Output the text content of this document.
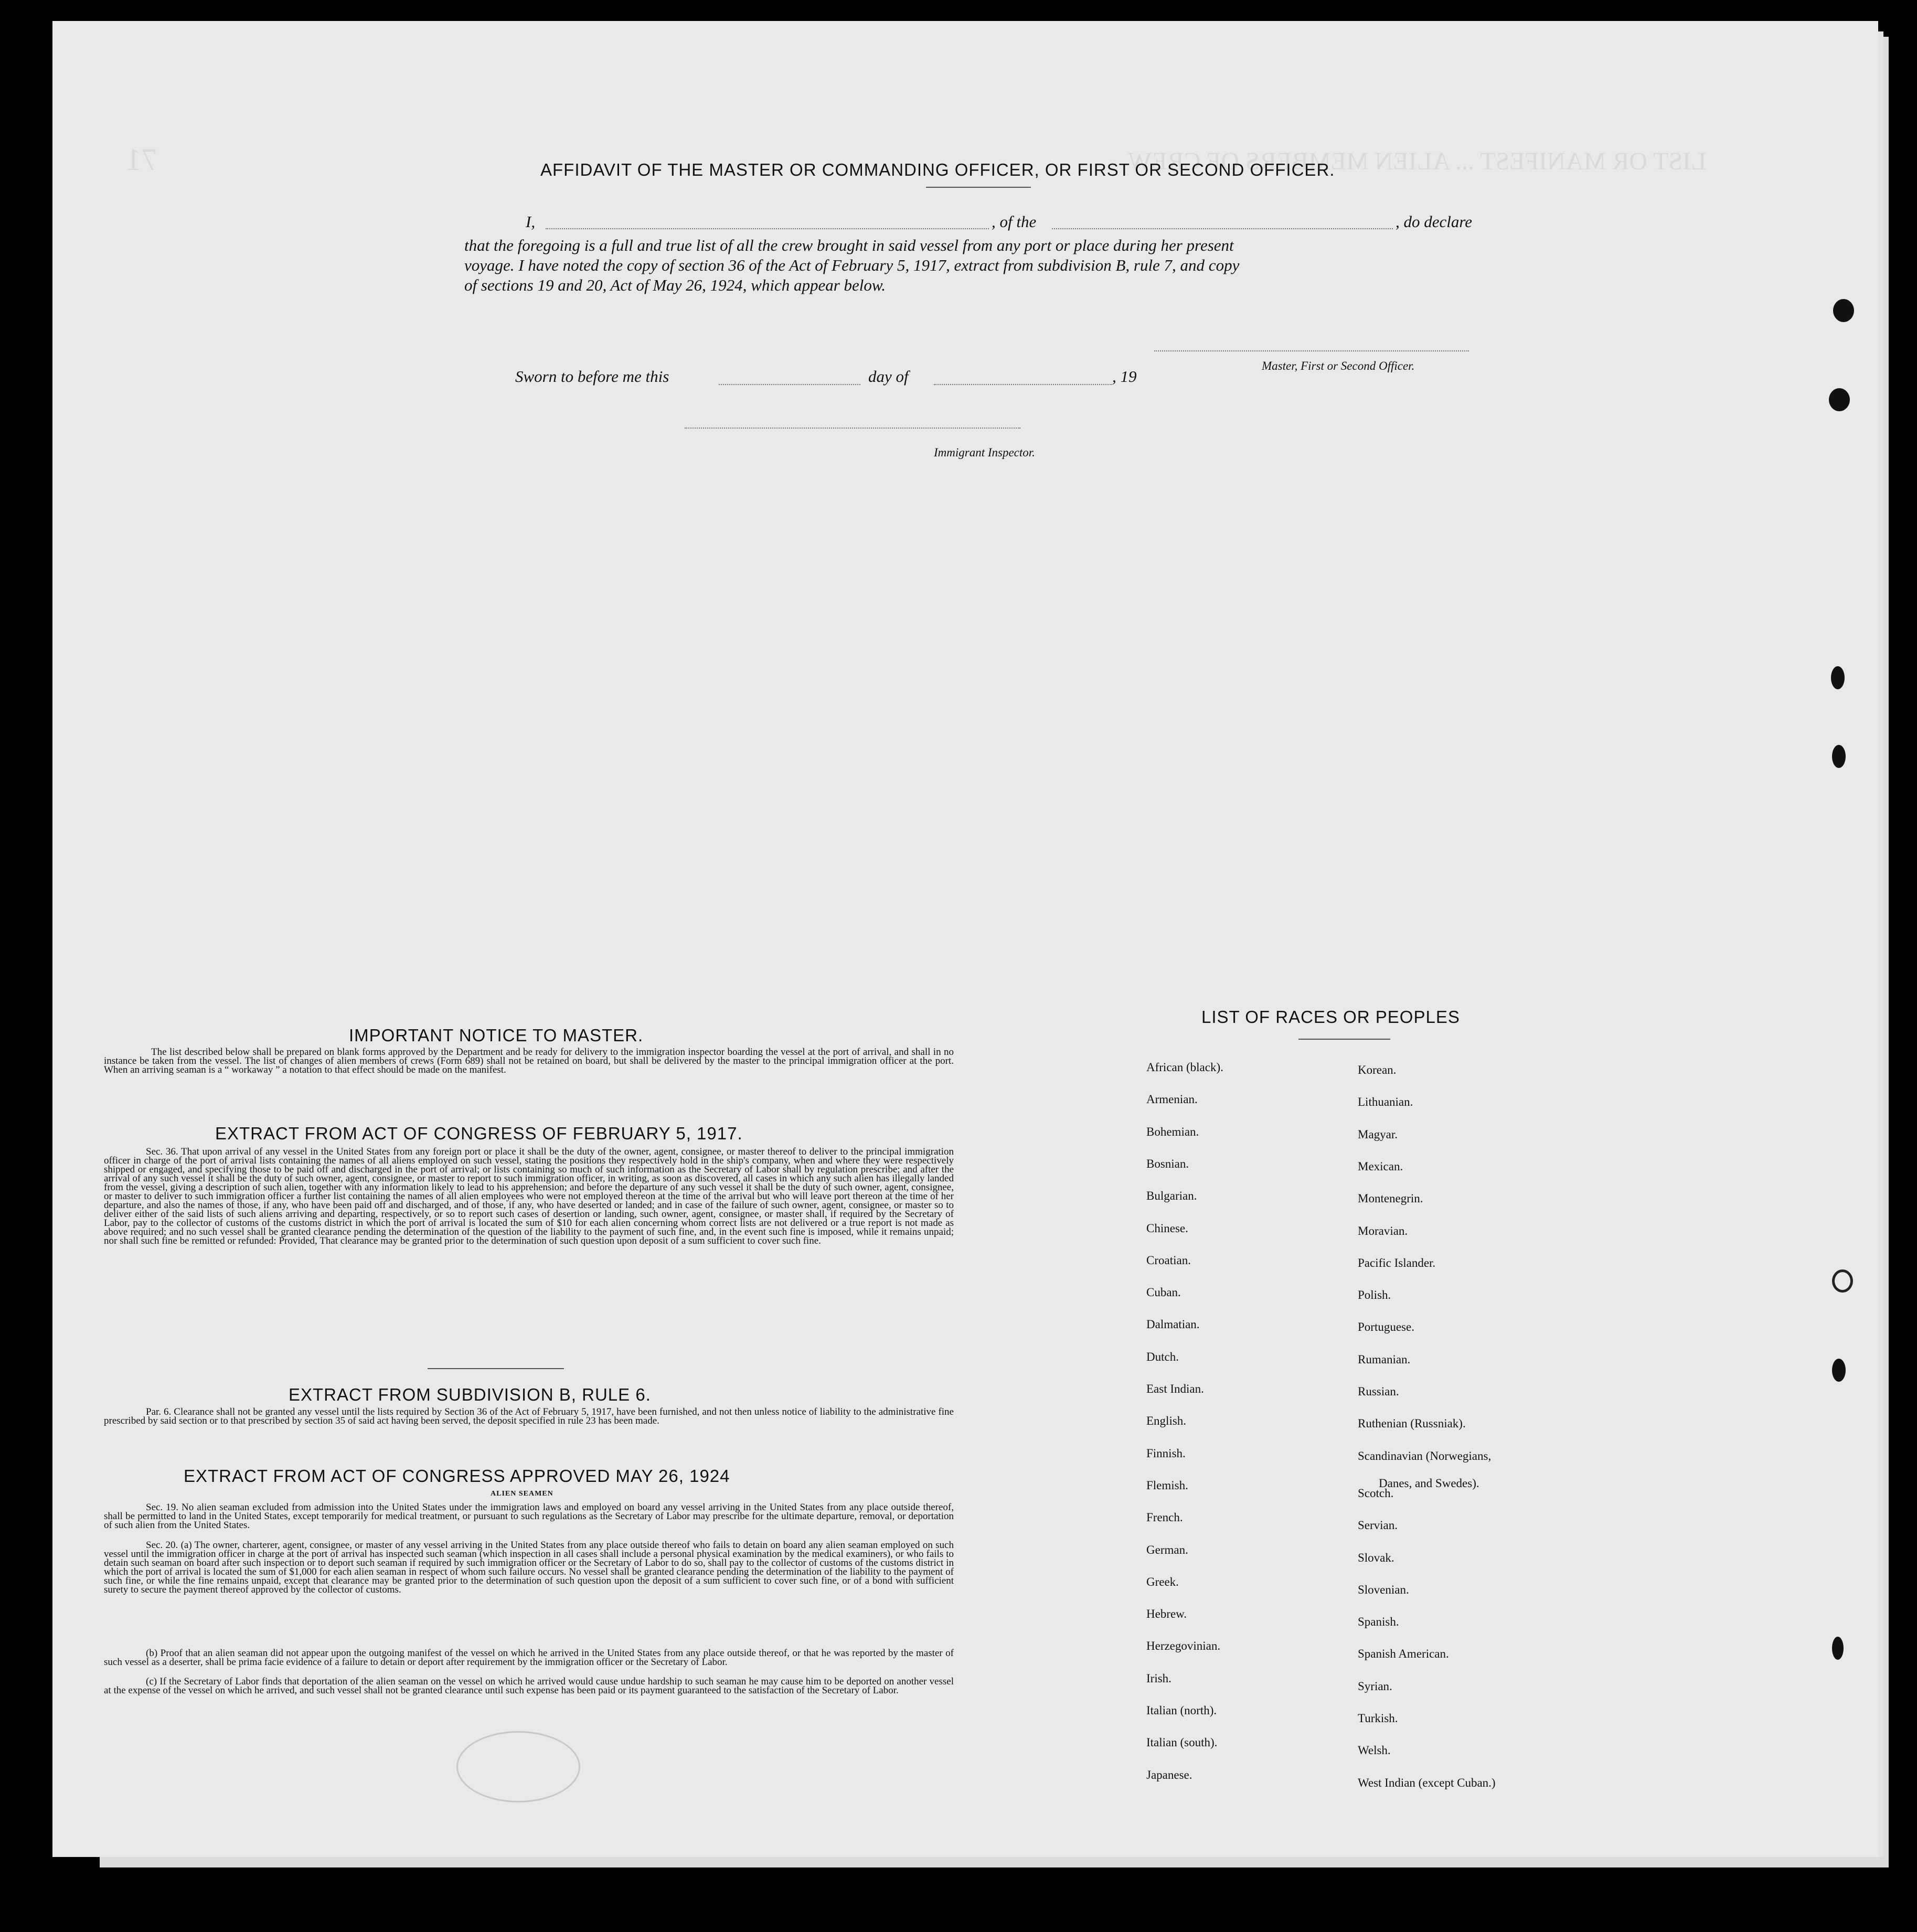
LIST OR MANIFEST ... ALIEN MEMBERS OF CREW
71	AFFIDAVIT OF THE MASTER OR COMMANDING OFFICER, OR FIRST OR SECOND OFFICER.
I,	, of the	, do declare
that the foregoing is a full and true list of all the crew brought in said vessel from any port or place during her present
voyage. I have noted the copy of section 36 of the Act of February 5, 1917, extract from subdivision B, rule 7, and copy
of sections 19 and 20, Act of May 26, 1924, which appear below.
Master, First or Second Officer.
Sworn to before me this	day of	, 19
Immigrant Inspector.
IMPORTANT NOTICE TO MASTER.
The list described below shall be prepared on blank forms approved by the Department and be ready for delivery to the immigration inspector boarding the vessel at the port of arrival, and shall in no instance be taken from the vessel. The list of changes of alien members of crews (Form 689) shall not be retained on board, but shall be delivered by the master to the principal immigration officer at the port. When an arriving seaman is a “ workaway ” a notation to that effect should be made on the manifest.
EXTRACT FROM ACT OF CONGRESS OF FEBRUARY 5, 1917.
Sec. 36. That upon arrival of any vessel in the United States from any foreign port or place it shall be the duty of the owner, agent, consignee, or master thereof to deliver to the principal immigration officer in charge of the port of arrival lists containing the names of all aliens employed on such vessel, stating the positions they respectively hold in the ship's company, when and where they were respectively shipped or engaged, and specifying those to be paid off and discharged in the port of arrival; or lists containing so much of such information as the Secretary of Labor shall by regulation prescribe; and after the arrival of any such vessel it shall be the duty of such owner, agent, consignee, or master to report to such immigration officer, in writing, as soon as discovered, all cases in which any such alien has illegally landed from the vessel, giving a description of such alien, together with any information likely to lead to his apprehension; and before the departure of any such vessel it shall be the duty of such owner, agent, consignee, or master to deliver to such immigration officer a further list containing the names of all alien employees who were not employed thereon at the time of the arrival but who will leave port thereon at the time of her departure, and also the names of those, if any, who have been paid off and discharged, and of those, if any, who have deserted or landed; and in case of the failure of such owner, agent, consignee, or master so to deliver either of the said lists of such aliens arriving and departing, respectively, or so to report such cases of desertion or landing, such owner, agent, consignee, or master shall, if required by the Secretary of Labor, pay to the collector of customs of the customs district in which the port of arrival is located the sum of $10 for each alien concerning whom correct lists are not delivered or a true report is not made as above required; and no such vessel shall be granted clearance pending the determination of the question of the liability to the payment of such fine, and, in the event such fine is imposed, while it remains unpaid; nor shall such fine be remitted or refunded: Provided, That clearance may be granted prior to the determination of such question upon deposit of a sum sufficient to cover such fine.
EXTRACT FROM SUBDIVISION B, RULE 6.
Par. 6. Clearance shall not be granted any vessel until the lists required by Section 36 of the Act of February 5, 1917, have been furnished, and not then unless notice of liability to the administrative fine prescribed by said section or to that prescribed by section 35 of said act having been served, the deposit specified in rule 23 has been made.
EXTRACT FROM ACT OF CONGRESS APPROVED MAY 26, 1924
ALIEN SEAMEN
Sec. 19. No alien seaman excluded from admission into the United States under the immigration laws and employed on board any vessel arriving in the United States from any place outside thereof, shall be permitted to land in the United States, except temporarily for medical treatment, or pursuant to such regulations as the Secretary of Labor may prescribe for the ultimate departure, removal, or deportation of such alien from the United States.
Sec. 20. (a) The owner, charterer, agent, consignee, or master of any vessel arriving in the United States from any place outside thereof who fails to detain on board any alien seaman employed on such vessel until the immigration officer in charge at the port of arrival has inspected such seaman (which inspection in all cases shall include a personal physical examination by the medical examiners), or who fails to detain such seaman on board after such inspection or to deport such seaman if required by such immigration officer or the Secretary of Labor to do so, shall pay to the collector of customs of the customs district in which the port of arrival is located the sum of $1,000 for each alien seaman in respect of whom such failure occurs. No vessel shall be granted clearance pending the determination of the liability to the payment of such fine, or while the fine remains unpaid, except that clearance may be granted prior to the determination of such question upon the deposit of a sum sufficient to cover such fine, or of a bond with sufficient surety to secure the payment thereof approved by the collector of customs.
(b) Proof that an alien seaman did not appear upon the outgoing manifest of the vessel on which he arrived in the United States from any place outside thereof, or that he was reported by the master of such vessel as a deserter, shall be prima facie evidence of a failure to detain or deport after requirement by the immigration officer or the Secretary of Labor.
(c) If the Secretary of Labor finds that deportation of the alien seaman on the vessel on which he arrived would cause undue hardship to such seaman he may cause him to be deported on another vessel at the expense of the vessel on which he arrived, and such vessel shall not be granted clearance until such expense has been paid or its payment guaranteed to the satisfaction of the Secretary of Labor.
LIST OF RACES OR PEOPLES
Danes, and Swedes).
African (black).
Armenian.
Bohemian.
Bosnian.
Bulgarian.
Chinese.
Croatian.
Cuban.
Dalmatian.
Dutch.
East Indian.
English.
Finnish.
Flemish.
French.
German.
Greek.
Hebrew.
Herzegovinian.
Irish.
Italian (north).
Italian (south).
Japanese.
Korean.
Lithuanian.
Magyar.
Mexican.
Montenegrin.
Moravian.
Pacific Islander.
Polish.
Portuguese.
Rumanian.
Russian.
Ruthenian (Russniak).
Scandinavian (Norwegians,
Scotch.
Servian.
Slovak.
Slovenian.
Spanish.
Spanish American.
Syrian.
Turkish.
Welsh.
West Indian (except Cuban.)
